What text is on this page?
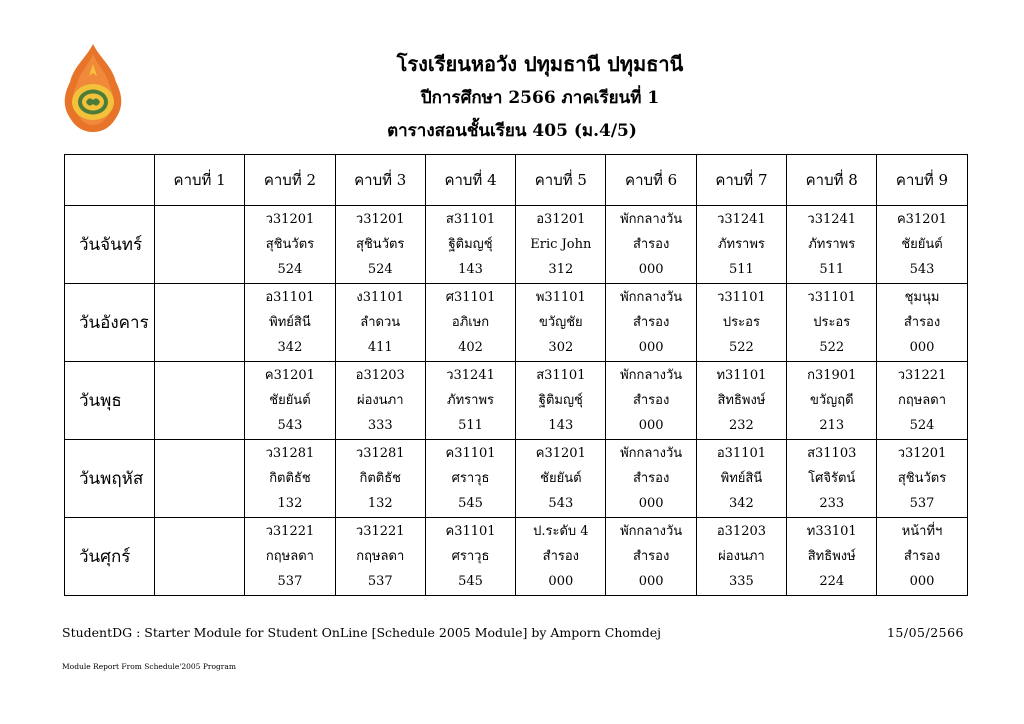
โรงเรียนหอวัง ปทุมธานี ปทุมธานี
ปีการศึกษา 2566 ภาคเรียนที่ 1
ตารางสอนชั้นเรียน 405 (ม.4/5)
	คาบที่ 1	คาบที่ 2	คาบที่ 3	คาบที่ 4	คาบที่ 5	คาบที่ 6	คาบที่ 7	คาบที่ 8	คาบที่ 9
วันจันทร์		ว31201
สุชินวัตร
524	ว31201
สุชินวัตร
524	ส31101
ฐิติมญชุ์
143	อ31201
Eric John
312	พักกลางวัน
สำรอง
000	ว31241
ภัทราพร
511	ว31241
ภัทราพร
511	ค31201
ชัยยันต์
543

วันอังคาร		อ31101
พิทย์สินี
342	ง31101
ลำดวน
411	ศ31101
อภิเษก
402	พ31101
ขวัญชัย
302	พักกลางวัน
สำรอง
000	ว31101
ประอร
522	ว31101
ประอร
522	ชุมนุม
สำรอง
000

วันพุธ		ค31201
ชัยยันต์
543	อ31203
ผ่องนภา
333	ว31241
ภัทราพร
511	ส31101
ฐิติมญชุ์
143	พักกลางวัน
สำรอง
000	ท31101
สิทธิพงษ์
232	ก31901
ขวัญฤดี
213	ว31221
กฤษลดา
524

วันพฤหัส		ว31281
กิตติธัช
132	ว31281
กิตติธัช
132	ค31101
ศราวุธ
545	ค31201
ชัยยันต์
543	พักกลางวัน
สำรอง
000	อ31101
พิทย์สินี
342	ส31103
โศจิรัตน์
233	ว31201
สุชินวัตร
537

วันศุกร์		ว31221
กฤษลดา
537	ว31221
กฤษลดา
537	ค31101
ศราวุธ
545	ป.ระดับ 4
สำรอง
000	พักกลางวัน
สำรอง
000	อ31203
ผ่องนภา
335	ท33101
สิทธิพงษ์
224	หน้าที่ฯ
สำรอง
000
StudentDG : Starter Module for Student OnLine [Schedule 2005 Module] by Amporn Chomdej	15/05/2566
Module Report From Schedule'2005 Program
